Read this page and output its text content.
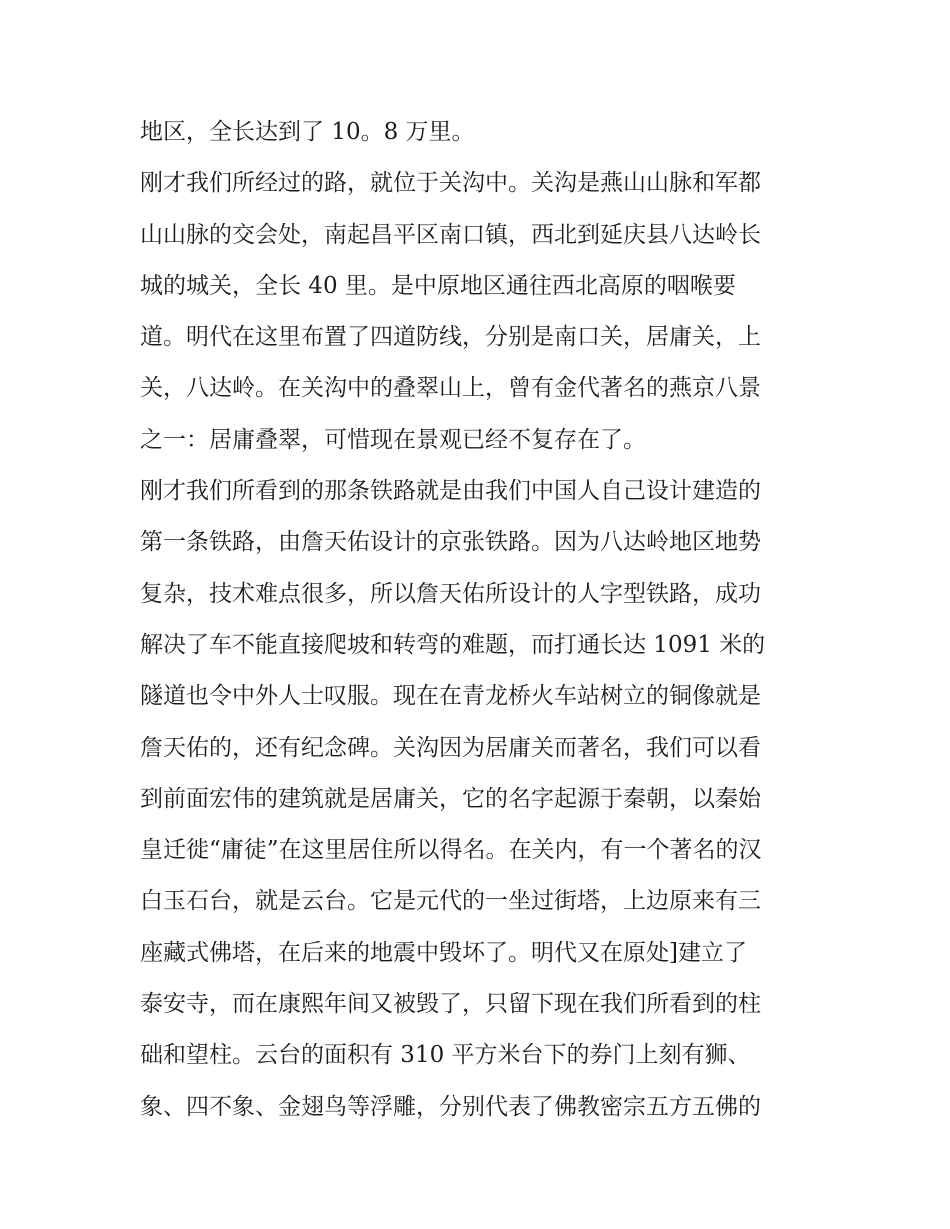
地区，全长达到了 10。8 万里。
刚才我们所经过的路，就位于关沟中。关沟是燕山山脉和军都
山山脉的交会处，南起昌平区南口镇，西北到延庆县八达岭长
城的城关，全长 40 里。是中原地区通往西北高原的咽喉要
道。明代在这里布置了四道防线，分别是南口关，居庸关，上
关，八达岭。在关沟中的叠翠山上，曾有金代著名的燕京八景
之一：居庸叠翠，可惜现在景观已经不复存在了。
刚才我们所看到的那条铁路就是由我们中国人自己设计建造的
第一条铁路，由詹天佑设计的京张铁路。因为八达岭地区地势
复杂，技术难点很多，所以詹天佑所设计的人字型铁路，成功
解决了车不能直接爬坡和转弯的难题，而打通长达 1091 米的
隧道也令中外人士叹服。现在在青龙桥火车站树立的铜像就是
詹天佑的，还有纪念碑。关沟因为居庸关而著名，我们可以看
到前面宏伟的建筑就是居庸关，它的名字起源于秦朝，以秦始
皇迁徙“庸徒”在这里居住所以得名。在关内，有一个著名的汉
白玉石台，就是云台。它是元代的一坐过街塔，上边原来有三
座藏式佛塔，在后来的地震中毁坏了。明代又在原处]建立了
泰安寺，而在康熙年间又被毁了，只留下现在我们所看到的柱
础和望柱。云台的面积有 310 平方米台下的券门上刻有狮、
象、四不象、金翅鸟等浮雕，分别代表了佛教密宗五方五佛的
